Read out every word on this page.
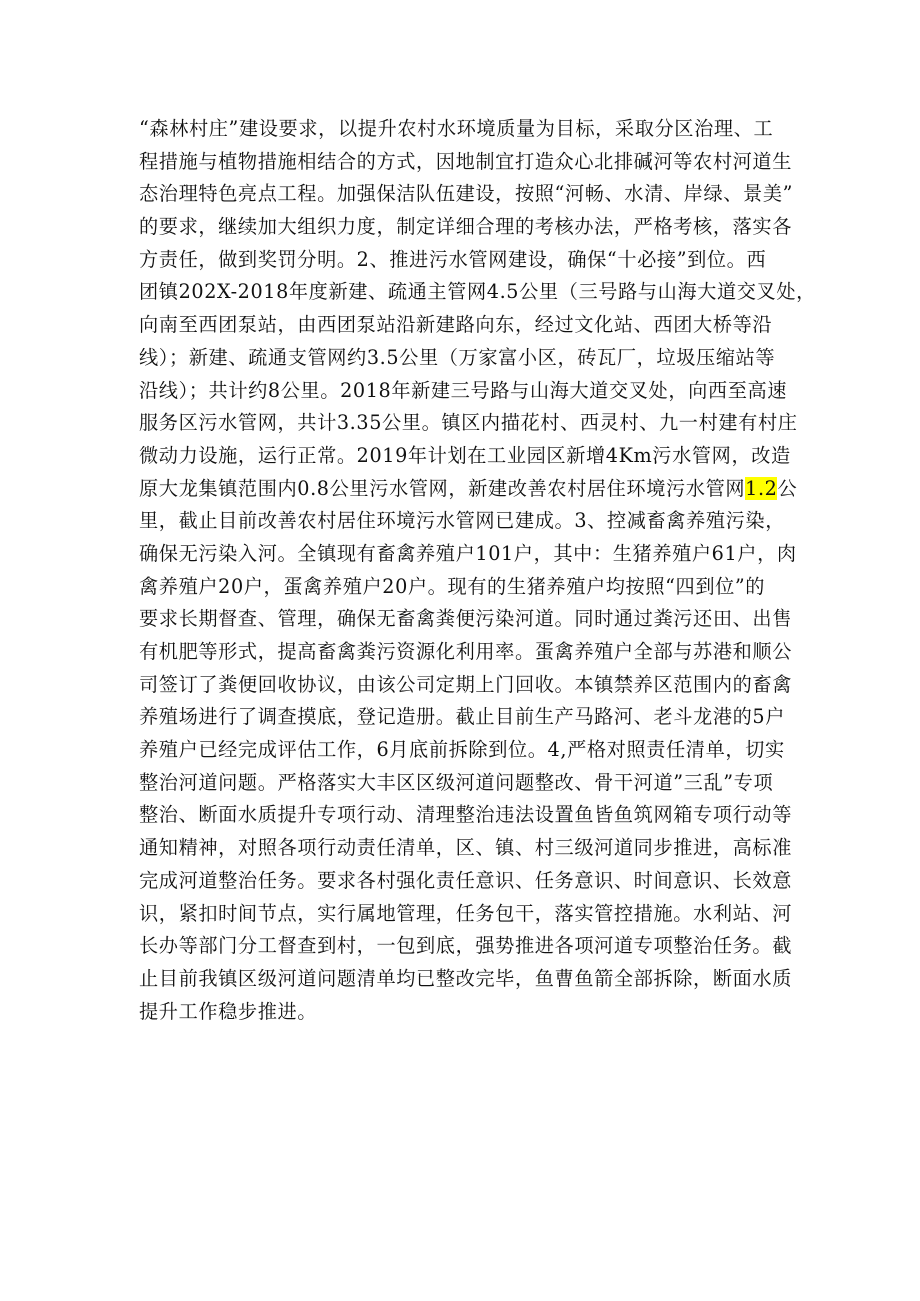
“森林村庄”建设要求，以提升农村水环境质量为目标，采取分区治理、工
程措施与植物措施相结合的方式，因地制宜打造众心北排碱河等农村河道生
态治理特色亮点工程。加强保洁队伍建设，按照“河畅、水清、岸绿、景美”
的要求，继续加大组织力度，制定详细合理的考核办法，严格考核，落实各
方责任，做到奖罚分明。2、推进污水管网建设，确保“十必接”到位。西
团镇202X-2018年度新建、疏通主管网4.5公里（三号路与山海大道交叉处，
向南至西团泵站，由西团泵站沿新建路向东，经过文化站、西团大桥等沿
线）；新建、疏通支管网约3.5公里（万家富小区，砖瓦厂，垃圾压缩站等
沿线）；共计约8公里。2018年新建三号路与山海大道交叉处，向西至高速
服务区污水管网，共计3.35公里。镇区内描花村、西灵村、九一村建有村庄
微动力设施，运行正常。2019年计划在工业园区新增4Km污水管网，改造
原大龙集镇范围内0.8公里污水管网，新建改善农村居住环境污水管网1.2公
里，截止目前改善农村居住环境污水管网已建成。3、控减畜禽养殖污染，
确保无污染入河。全镇现有畜禽养殖户101户，其中：生猪养殖户61户，肉
禽养殖户20户，蛋禽养殖户20户。现有的生猪养殖户均按照“四到位”的
要求长期督查、管理，确保无畜禽粪便污染河道。同时通过粪污还田、出售
有机肥等形式，提高畜禽粪污资源化利用率。蛋禽养殖户全部与苏港和顺公
司签订了粪便回收协议，由该公司定期上门回收。本镇禁养区范围内的畜禽
养殖场进行了调查摸底，登记造册。截止目前生产马路河、老斗龙港的5户
养殖户已经完成评估工作，6月底前拆除到位。4,严格对照责任清单，切实
整治河道问题。严格落实大丰区区级河道问题整改、骨干河道”三乱”专项
整治、断面水质提升专项行动、清理整治违法设置鱼皆鱼筑网箱专项行动等
通知精神，对照各项行动责任清单，区、镇、村三级河道同步推进，高标准
完成河道整治任务。要求各村强化责任意识、任务意识、时间意识、长效意
识，紧扣时间节点，实行属地管理，任务包干，落实管控措施。水利站、河
长办等部门分工督查到村，一包到底，强势推进各项河道专项整治任务。截
止目前我镇区级河道问题清单均已整改完毕，鱼曹鱼箭全部拆除，断面水质
提升工作稳步推进。
